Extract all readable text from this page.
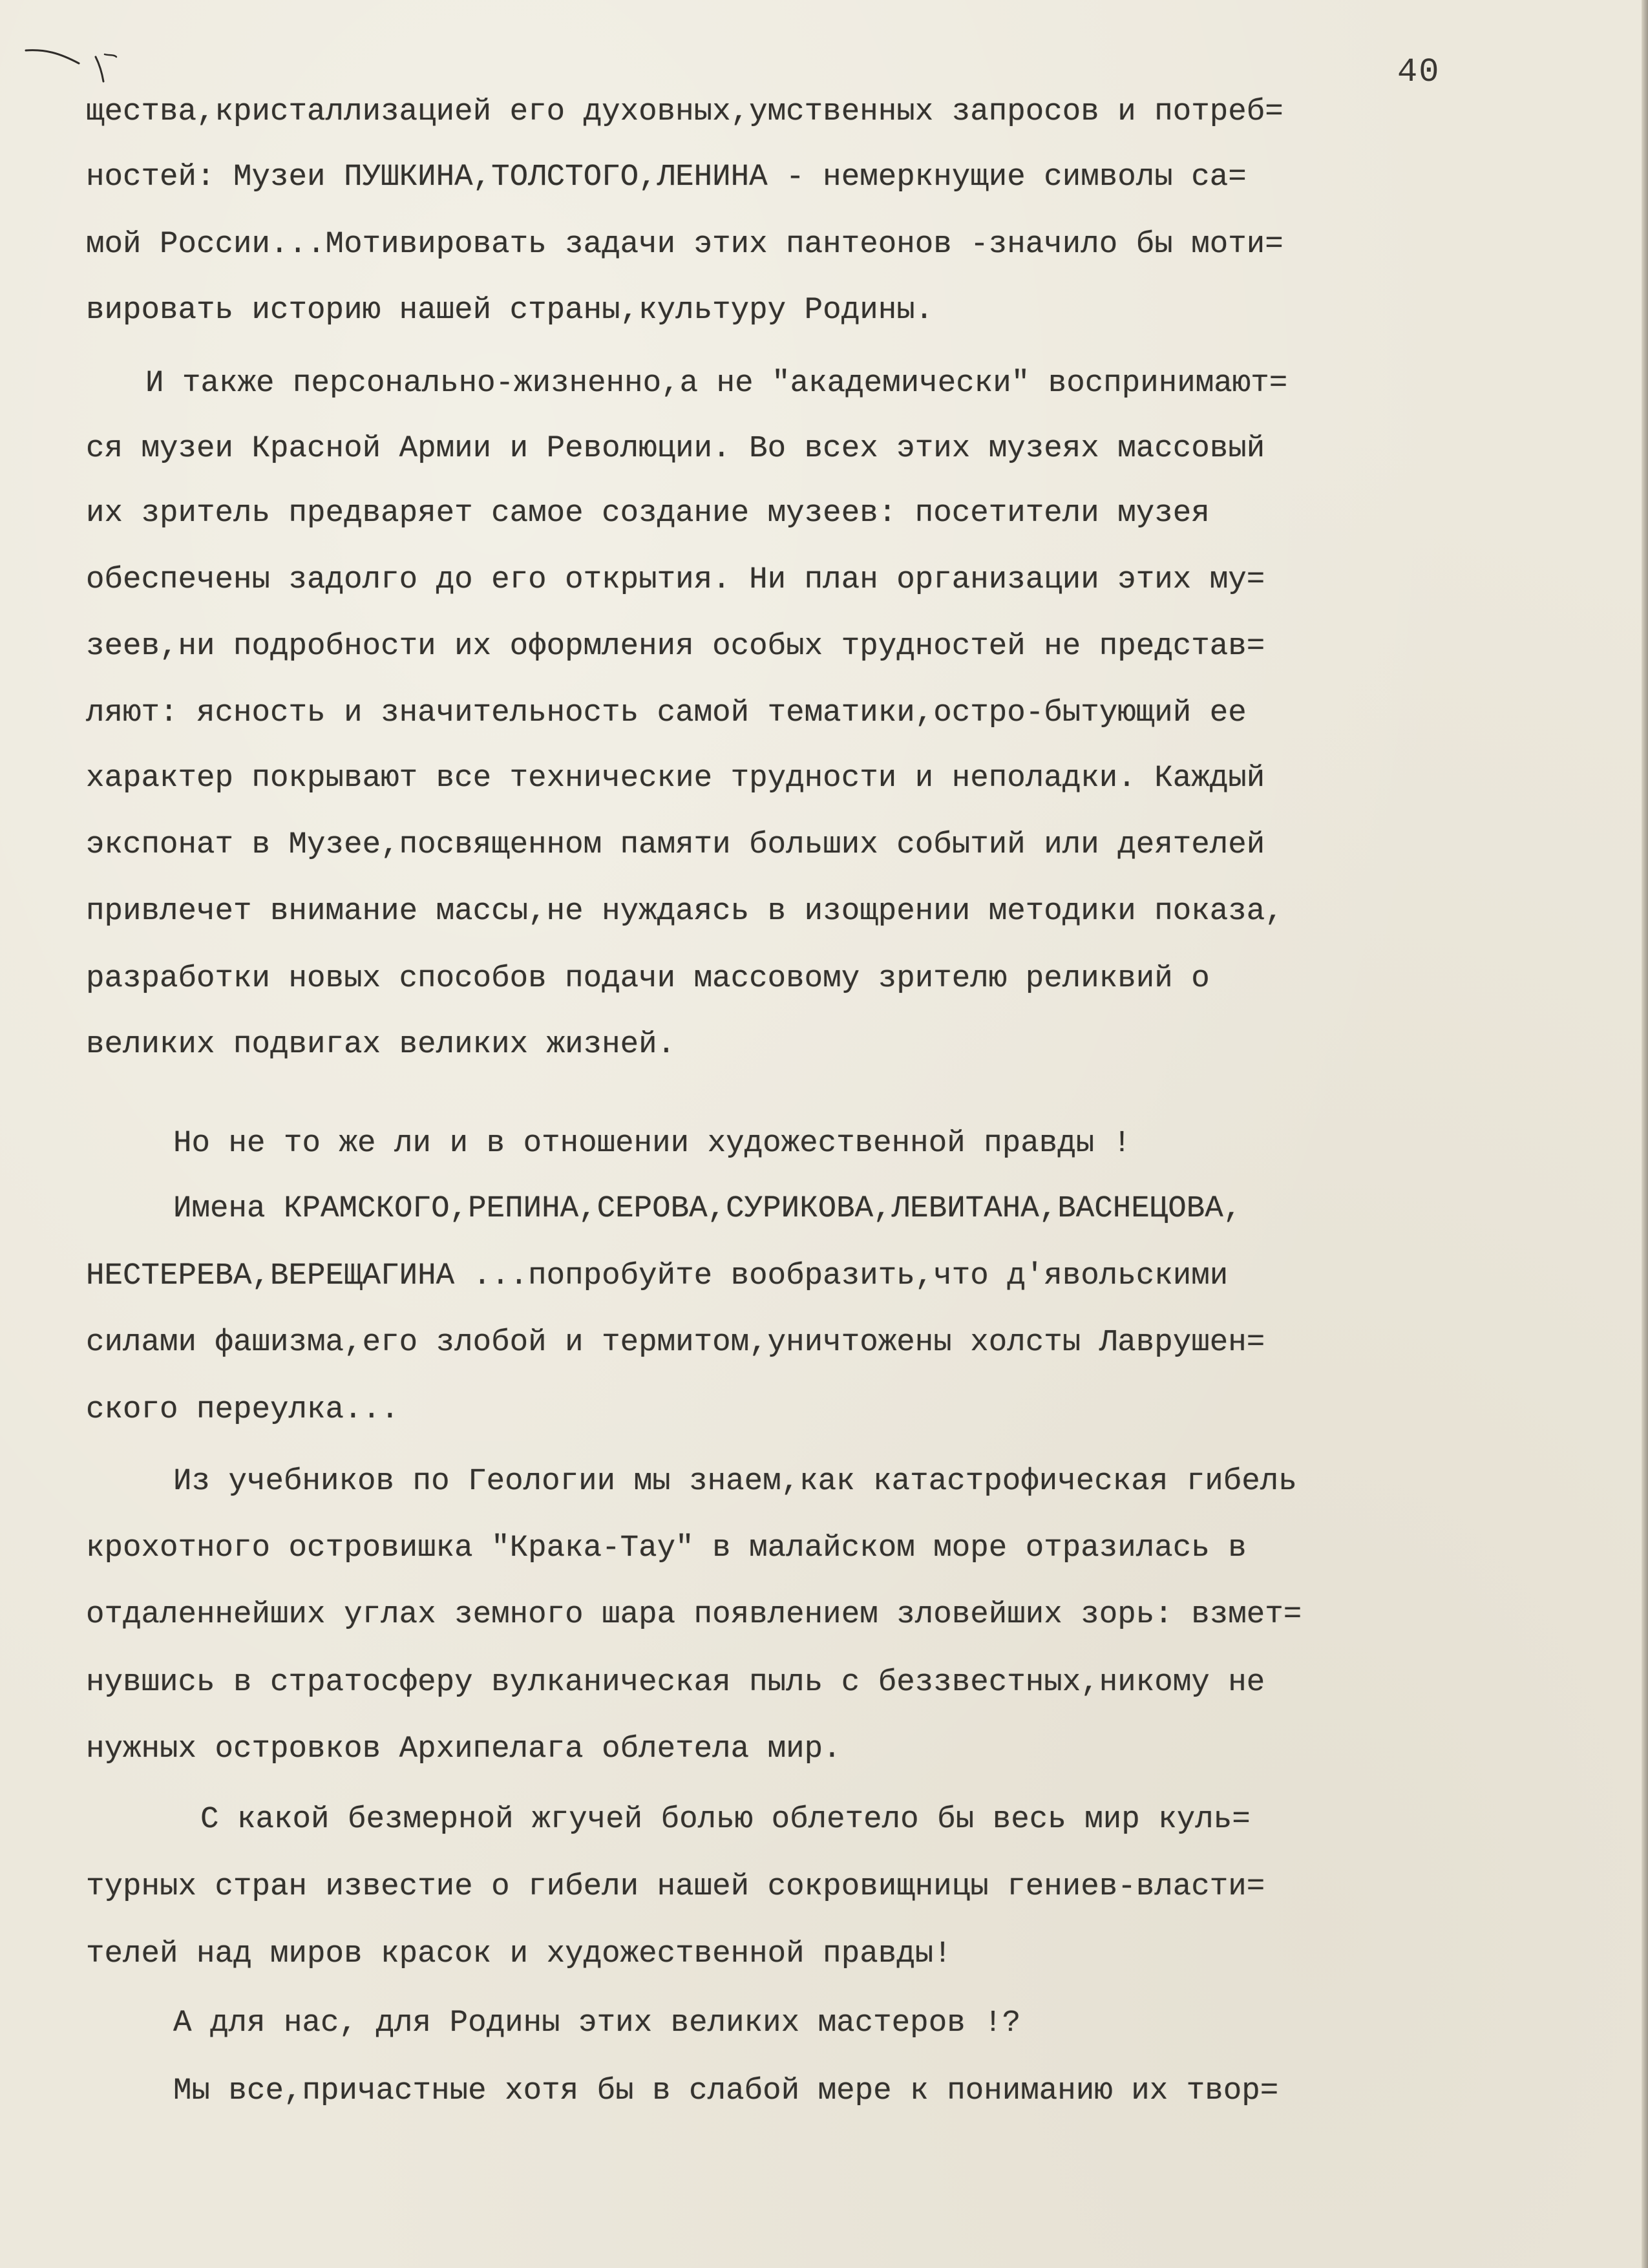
40
щества,кристаллизацией его духовных,умственных запросов и потреб=
ностей: Музеи ПУШКИНА,ТОЛСТОГО,ЛЕНИНА - немеркнущие символы са=
мой России...Мотивировать задачи этих пантеонов -значило бы моти=
вировать историю нашей страны,культуру Родины.
И также персонально-жизненно,а не "академически" воспринимают=
ся музеи Красной Армии и Революции. Во всех этих музеях массовый
их зритель предваряет самое создание музеев: посетители музея
обеспечены задолго до его открытия. Ни план организации этих му=
зеев,ни подробности их оформления особых трудностей не представ=
ляют: ясность и значительность самой тематики,остро-бытующий ее
характер покрывают все технические трудности и неполадки. Каждый
экспонат в Музее,посвященном памяти больших событий или деятелей
привлечет внимание массы,не нуждаясь в изощрении методики показа,
разработки новых способов подачи массовому зрителю реликвий о
великих подвигах великих жизней.
Но не то же ли и в отношении художественной правды !
Имена КРАМСКОГО,РЕПИНА,СЕРОВА,СУРИКОВА,ЛЕВИТАНА,ВАСНЕЦОВА,
НЕСТЕРЕВА,ВЕРЕЩАГИНА ...попробуйте вообразить,что д'явольскими
силами фашизма,его злобой и термитом,уничтожены холсты Лаврушен=
ского переулка...
Из учебников по Геологии мы знаем,как катастрофическая гибель
крохотного островишка "Крака-Тау" в малайском море отразилась в
отдаленнейших углах земного шара появлением зловейших зорь: взмет=
нувшись в стратосферу вулканическая пыль с беззвестных,никому не
нужных островков Архипелага облетела мир.
С какой безмерной жгучей болью облетело бы весь мир куль=
турных стран известие о гибели нашей сокровищницы гениев-власти=
телей над миров красок и художественной правды!
А для нас, для Родины этих великих мастеров !?
Мы все,причастные хотя бы в слабой мере к пониманию их твор=
